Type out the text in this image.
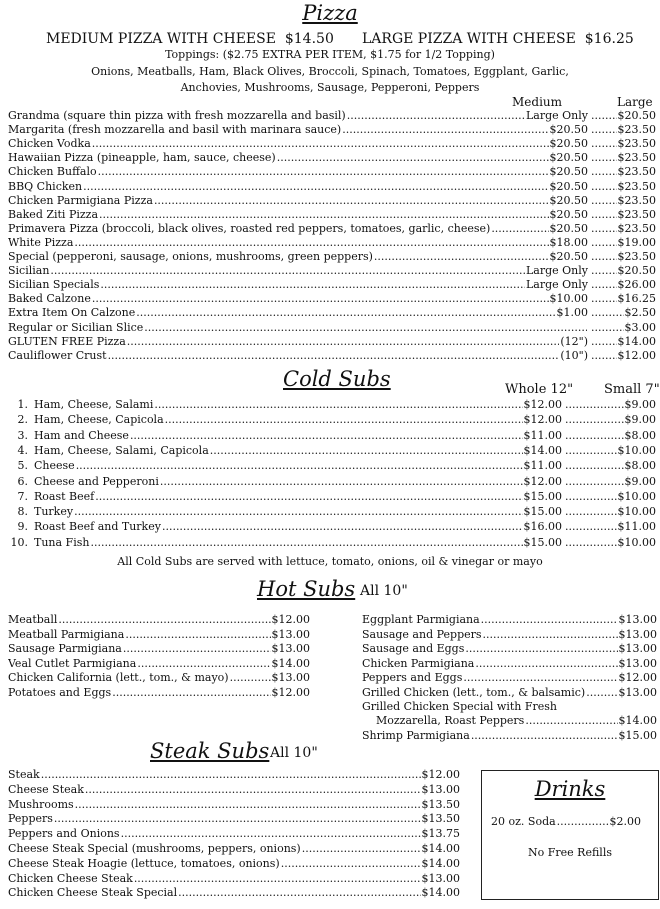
Pizza
MEDIUM PIZZA WITH CHEESE $14.50 LARGE PIZZA WITH CHEESE $16.25
Toppings: ($2.75 EXTRA PER ITEM, $1.75 for 1/2 Topping)
Onions, Meatballs, Ham, Black Olives, Broccoli, Spinach, Tomatoes, Eggplant, Garlic,
Anchovies, Mushrooms, Sausage, Pepperoni, Peppers
Medium	Large
Grandma (square thin pizza with fresh mozzarella and basil) .....	Large Only .....	$20.50
Margarita (fresh mozzarella and basil with marinara sauce) .....	$20.50 .....	$23.50
Chicken Vodka .....	$20.50 .....	$23.50
Hawaiian Pizza (pineapple, ham, sauce, cheese) .....	$20.50 .....	$23.50
Chicken Buffalo .....	$20.50 .....	$23.50
BBQ Chicken .....	$20.50 .....	$23.50
Chicken Parmigiana Pizza .....	$20.50 .....	$23.50
Baked Ziti Pizza .....	$20.50 .....	$23.50
Primavera Pizza (broccoli, black olives, roasted red peppers, tomatoes, garlic, cheese) .....	$20.50 .....	$23.50
White Pizza .....	$18.00 .....	$19.00
Special (pepperoni, sausage, onions, mushrooms, green peppers) .....	$20.50 .....	$23.50
Sicilian .....	Large Only .....	$20.50
Sicilian Specials .....	Large Only .....	$26.00
Baked Calzone .....	$10.00 .....	$16.25
Extra Item On Calzone .....	$1.00 .....	$2.50
Regular or Sicilian Slice ..... .....	$3.00
GLUTEN FREE Pizza .....	(12") .....	$14.00
Cauliflower Crust .....	(10") .....	$12.00
Cold Subs	Whole 12" Small 7"
1. Ham, Cheese, Salami .....	$12.00 .....	$9.00
2. Ham, Cheese, Capicola .....	$12.00 .....	$9.00
3. Ham and Cheese .....	$11.00 .....	$8.00
4. Ham, Cheese, Salami, Capicola .....	$14.00 .....	$10.00
5. Cheese .....	$11.00 .....	$8.00
6. Cheese and Pepperoni .....	$12.00 .....	$9.00
7. Roast Beef .....	$15.00 .....	$10.00
8. Turkey .....	$15.00 .....	$10.00
9. Roast Beef and Turkey .....	$16.00 .....	$11.00
10. Tuna Fish .....	$15.00 .....	$10.00
All Cold Subs are served with lettuce, tomato, onions, oil & vinegar or mayo
Hot Subs All 10"
Meatball .....	$12.00
Meatball Parmigiana .....	$13.00
Sausage Parmigiana .....	$13.00
Veal Cutlet Parmigiana .....	$14.00
Chicken California (lett., tom., & mayo) .....	$13.00
Potatoes and Eggs .....	$12.00
Eggplant Parmigiana .....	$13.00
Sausage and Peppers .....	$13.00
Sausage and Eggs .....	$13.00
Chicken Parmigiana .....	$13.00
Peppers and Eggs .....	$12.00
Grilled Chicken (lett., tom., & balsamic) .....	$13.00
Grilled Chicken Special with Fresh
Mozzarella, Roast Peppers .....	$14.00
Shrimp Parmigiana .....	$15.00
Steak Subs All 10"
Steak .....	$12.00
Cheese Steak .....	$13.00
Mushrooms .....	$13.50
Peppers .....	$13.50
Peppers and Onions .....	$13.75
Cheese Steak Special (mushrooms, peppers, onions) .....	$14.00
Cheese Steak Hoagie (lettuce, tomatoes, onions) .....	$14.00
Chicken Cheese Steak .....	$13.00
Chicken Cheese Steak Special .....	$14.00
Drinks
20 oz. Soda .....	$2.00
No Free Refills
